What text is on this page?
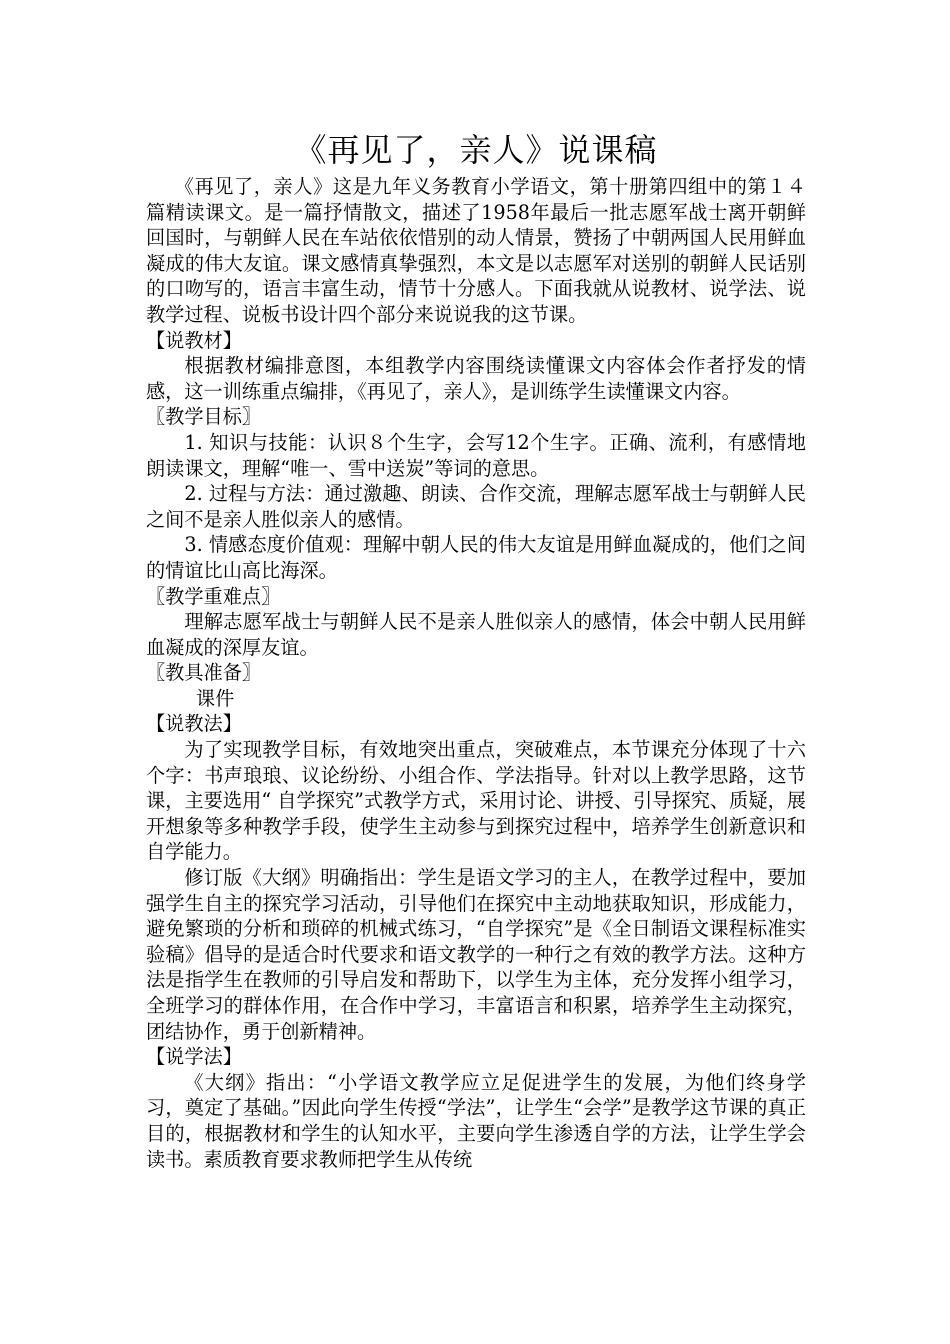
《再见了，亲人》说课稿

《再见了，亲人》这是九年义务教育小学语文，第十册第四组中的第１４篇精读课文。是一篇抒情散文，描述了1958年最后一批志愿军战士离开朝鲜回国时，与朝鲜人民在车站依依惜别的动人情景，赞扬了中朝两国人民用鲜血凝成的伟大友谊。课文感情真挚强烈，本文是以志愿军对送别的朝鲜人民话别的口吻写的，语言丰富生动，情节十分感人。下面我就从说教材、说学法、说教学过程、说板书设计四个部分来说说我的这节课。

【说教材】

根据教材编排意图，本组教学内容围绕读懂课文内容体会作者抒发的情感，这一训练重点编排，《再见了，亲人》，是训练学生读懂课文内容。

〖教学目标〗

1. 知识与技能：认识８个生字，会写12个生字。正确、流利，有感情地朗读课文，理解“唯一、雪中送炭”等词的意思。

2. 过程与方法：通过激趣、朗读、合作交流，理解志愿军战士与朝鲜人民之间不是亲人胜似亲人的感情。

3. 情感态度价值观：理解中朝人民的伟大友谊是用鲜血凝成的，他们之间的情谊比山高比海深。

〖教学重难点〗

理解志愿军战士与朝鲜人民不是亲人胜似亲人的感情，体会中朝人民用鲜血凝成的深厚友谊。

〖教具准备〗

课件

【说教法】

为了实现教学目标，有效地突出重点，突破难点，本节课充分体现了十六个字：书声琅琅、议论纷纷、小组合作、学法指导。针对以上教学思路，这节课，主要选用“ 自学探究”式教学方式，采用讨论、讲授、引导探究、质疑，展开想象等多种教学手段，使学生主动参与到探究过程中，培养学生创新意识和自学能力。

修订版《大纲》明确指出：学生是语文学习的主人，在教学过程中，要加强学生自主的探究学习活动，引导他们在探究中主动地获取知识，形成能力，避免繁琐的分析和琐碎的机械式练习，“自学探究”是《全日制语文课程标准实验稿》倡导的是适合时代要求和语文教学的一种行之有效的教学方法。这种方法是指学生在教师的引导启发和帮助下，以学生为主体，充分发挥小组学习，全班学习的群体作用，在合作中学习，丰富语言和积累，培养学生主动探究，团结协作，勇于创新精神。

【说学法】

《大纲》指出：“小学语文教学应立足促进学生的发展，为他们终身学习，奠定了基础。”因此向学生传授“学法”，让学生“会学”是教学这节课的真正目的，根据教材和学生的认知水平，主要向学生渗透自学的方法，让学生学会读书。素质教育要求教师把学生从传统
